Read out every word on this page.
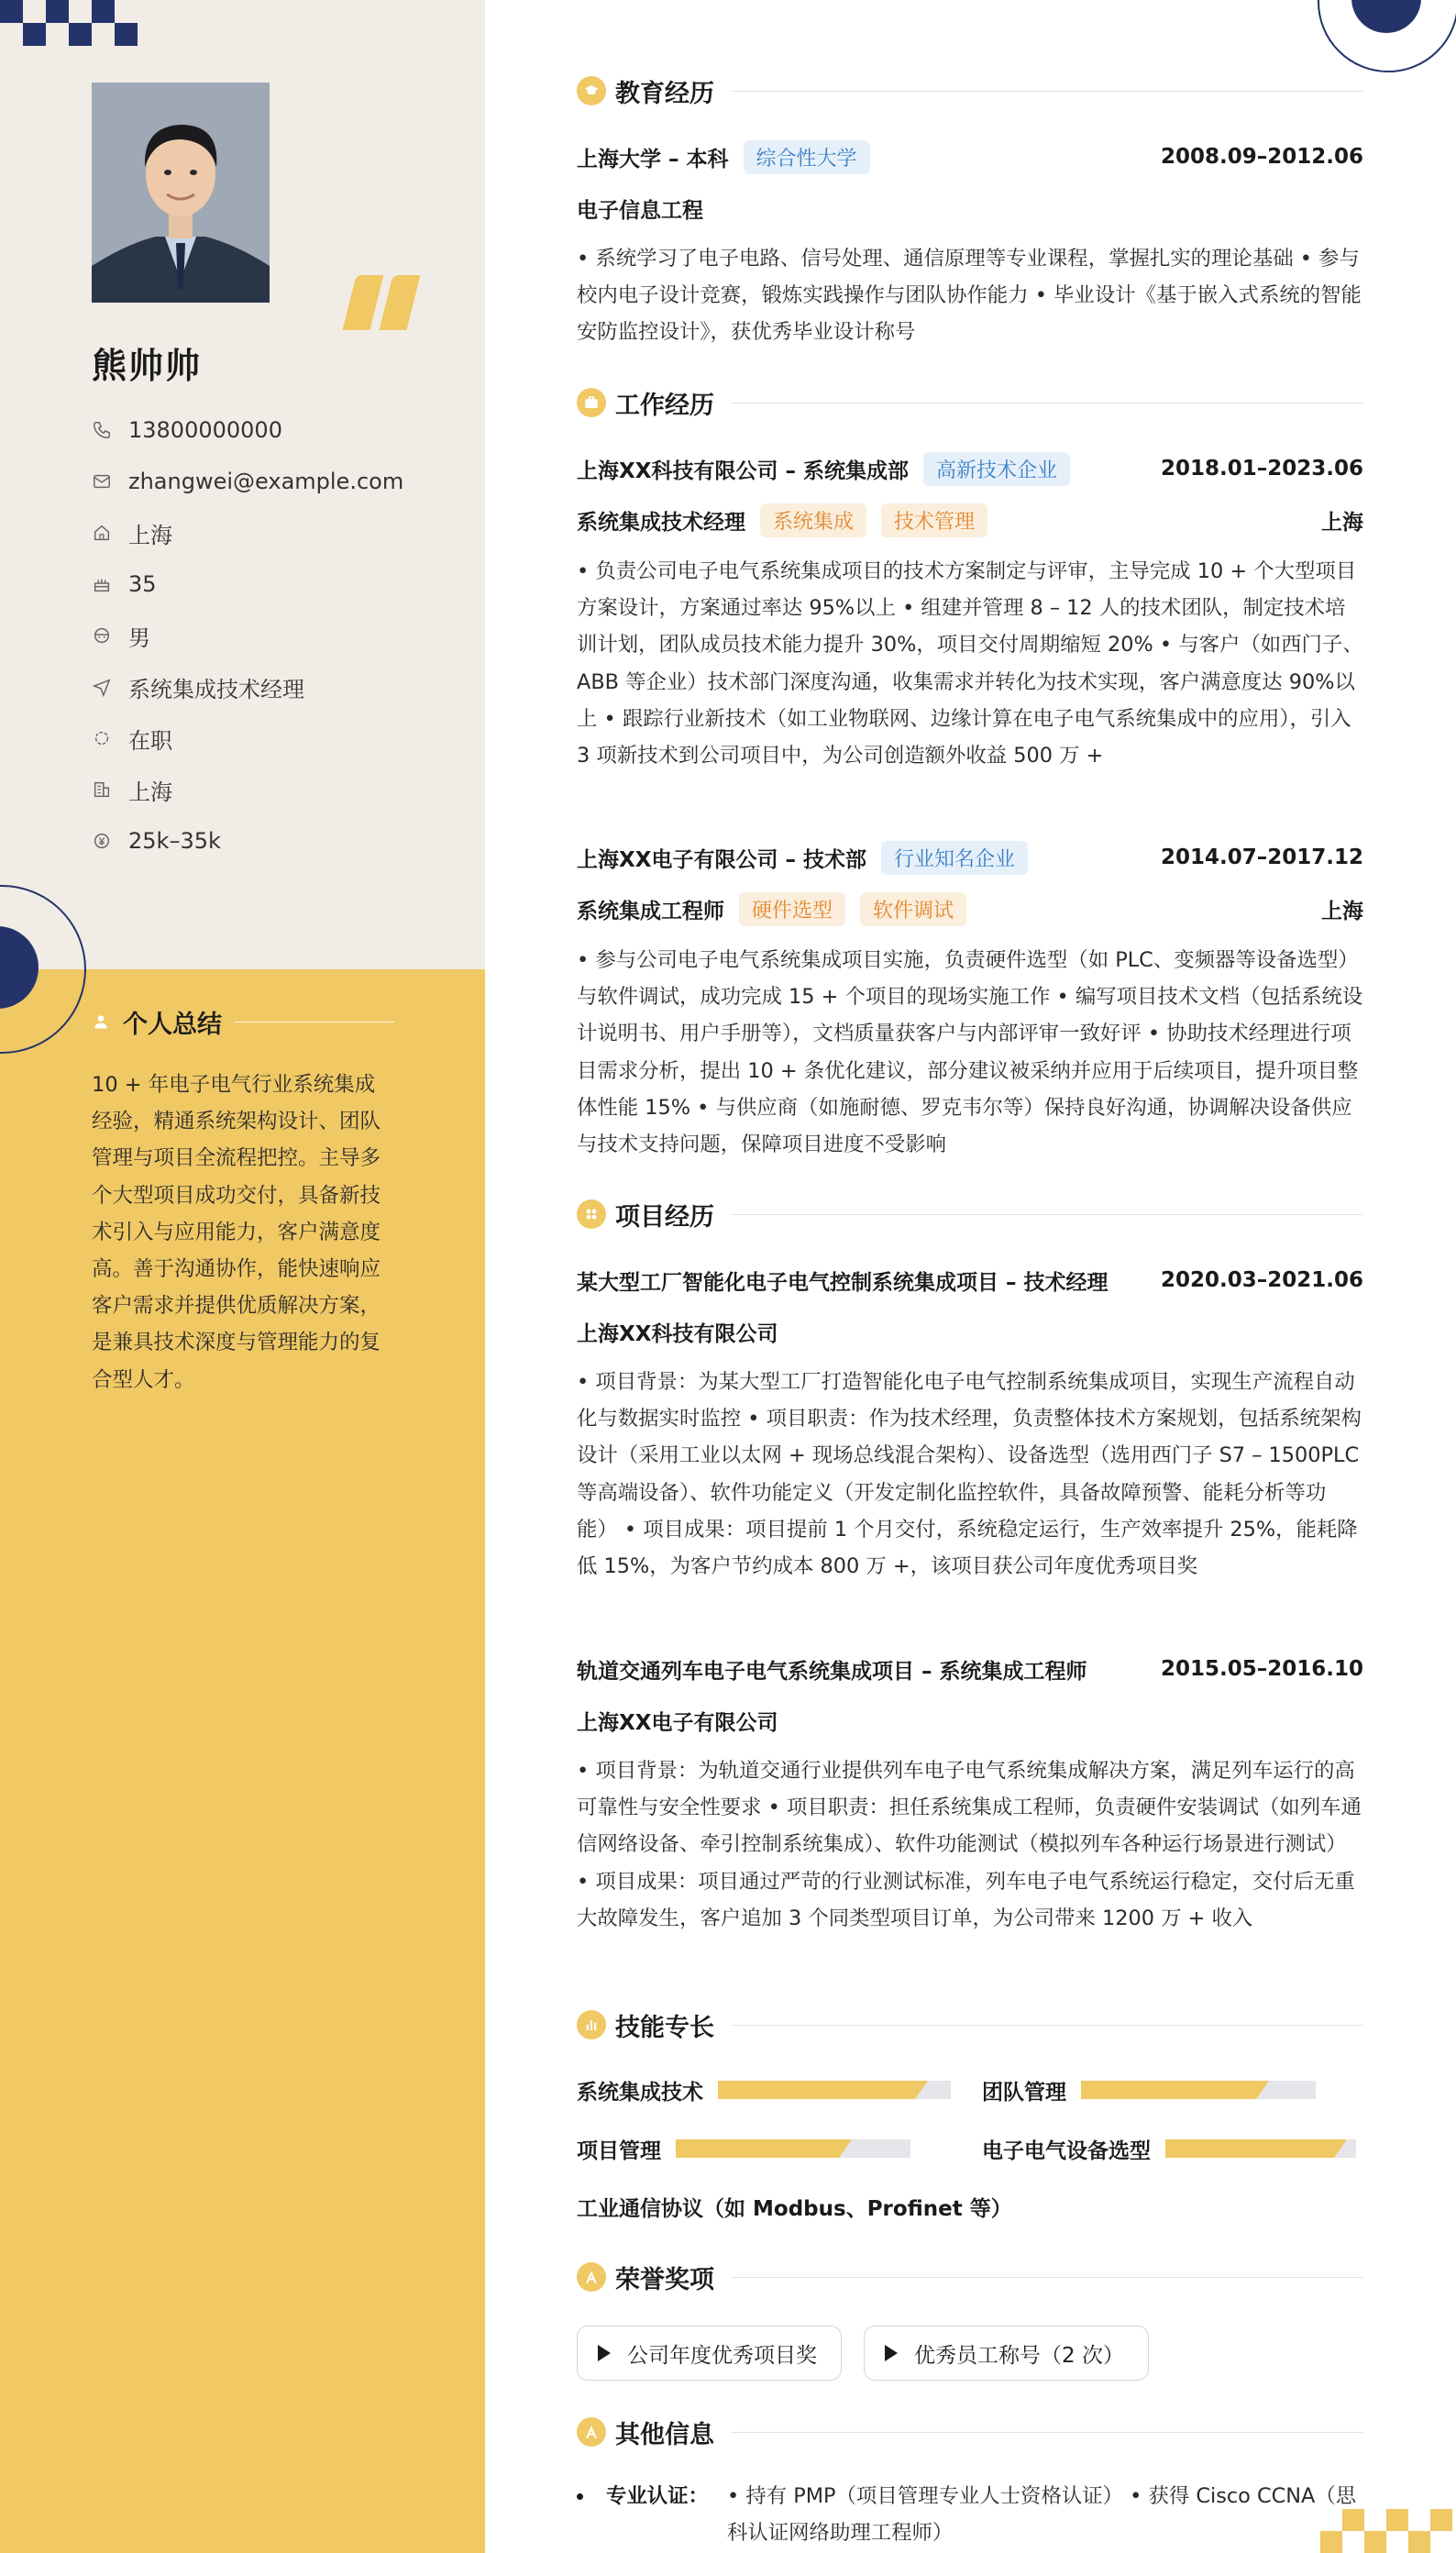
熊帅帅
13800000000
zhangwei@example.com
上海
35
男
系统集成技术经理
在职
上海
25k–35k
个人总结
10 + 年电子电气行业系统集成经验，精通系统架构设计、团队管理与项目全流程把控。主导多个大型项目成功交付，具备新技术引入与应用能力，客户满意度高。善于沟通协作，能快速响应客户需求并提供优质解决方案，是兼具技术深度与管理能力的复合型人才。
教育经历
上海大学 – 本科	综合性大学	2008.09–2012.06
电子信息工程
• 系统学习了电子电路、信号处理、通信原理等专业课程，掌握扎实的理论基础 • 参与校内电子设计竞赛，锻炼实践操作与团队协作能力 • 毕业设计《基于嵌入式系统的智能安防监控设计》，获优秀毕业设计称号
工作经历
上海XX科技有限公司 – 系统集成部	高新技术企业	2018.01–2023.06
系统集成技术经理	系统集成	技术管理	上海
• 负责公司电子电气系统集成项目的技术方案制定与评审，主导完成 10 + 个大型项目方案设计，方案通过率达 95%以上 • 组建并管理 8 – 12 人的技术团队，制定技术培训计划，团队成员技术能力提升 30%，项目交付周期缩短 20% • 与客户（如西门子、ABB 等企业）技术部门深度沟通，收集需求并转化为技术实现，客户满意度达 90%以上 • 跟踪行业新技术（如工业物联网、边缘计算在电子电气系统集成中的应用），引入 3 项新技术到公司项目中，为公司创造额外收益 500 万 +
上海XX电子有限公司 – 技术部	行业知名企业	2014.07–2017.12
系统集成工程师	硬件选型	软件调试	上海
• 参与公司电子电气系统集成项目实施，负责硬件选型（如 PLC、变频器等设备选型）与软件调试，成功完成 15 + 个项目的现场实施工作 • 编写项目技术文档（包括系统设计说明书、用户手册等），文档质量获客户与内部评审一致好评 • 协助技术经理进行项目需求分析，提出 10 + 条优化建议，部分建议被采纳并应用于后续项目，提升项目整体性能 15% • 与供应商（如施耐德、罗克韦尔等）保持良好沟通，协调解决设备供应与技术支持问题，保障项目进度不受影响
项目经历
某大型工厂智能化电子电气控制系统集成项目 – 技术经理 2020.03–2021.06
上海XX科技有限公司
• 项目背景：为某大型工厂打造智能化电子电气控制系统集成项目，实现生产流程自动化与数据实时监控 • 项目职责：作为技术经理，负责整体技术方案规划，包括系统架构设计（采用工业以太网 + 现场总线混合架构）、设备选型（选用西门子 S7 – 1500PLC 等高端设备）、软件功能定义（开发定制化监控软件，具备故障预警、能耗分析等功能） • 项目成果：项目提前 1 个月交付，系统稳定运行，生产效率提升 25%，能耗降低 15%，为客户节约成本 800 万 +，该项目获公司年度优秀项目奖
轨道交通列车电子电气系统集成项目 – 系统集成工程师	2015.05–2016.10
上海XX电子有限公司
• 项目背景：为轨道交通行业提供列车电子电气系统集成解决方案，满足列车运行的高可靠性与安全性要求 • 项目职责：担任系统集成工程师，负责硬件安装调试（如列车通信网络设备、牵引控制系统集成）、软件功能测试（模拟列车各种运行场景进行测试） • 项目成果：项目通过严苛的行业测试标准，列车电子电气系统运行稳定，交付后无重大故障发生，客户追加 3 个同类型项目订单，为公司带来 1200 万 + 收入
技能专长
系统集成技术	团队管理
项目管理	电子电气设备选型
工业通信协议（如 Modbus、Profinet 等）
荣誉奖项
公司年度优秀项目奖	优秀员工称号（2 次）
其他信息
专业认证： • 持有 PMP（项目管理专业人士资格认证） • 获得 Cisco CCNA（思科认证网络助理工程师）
